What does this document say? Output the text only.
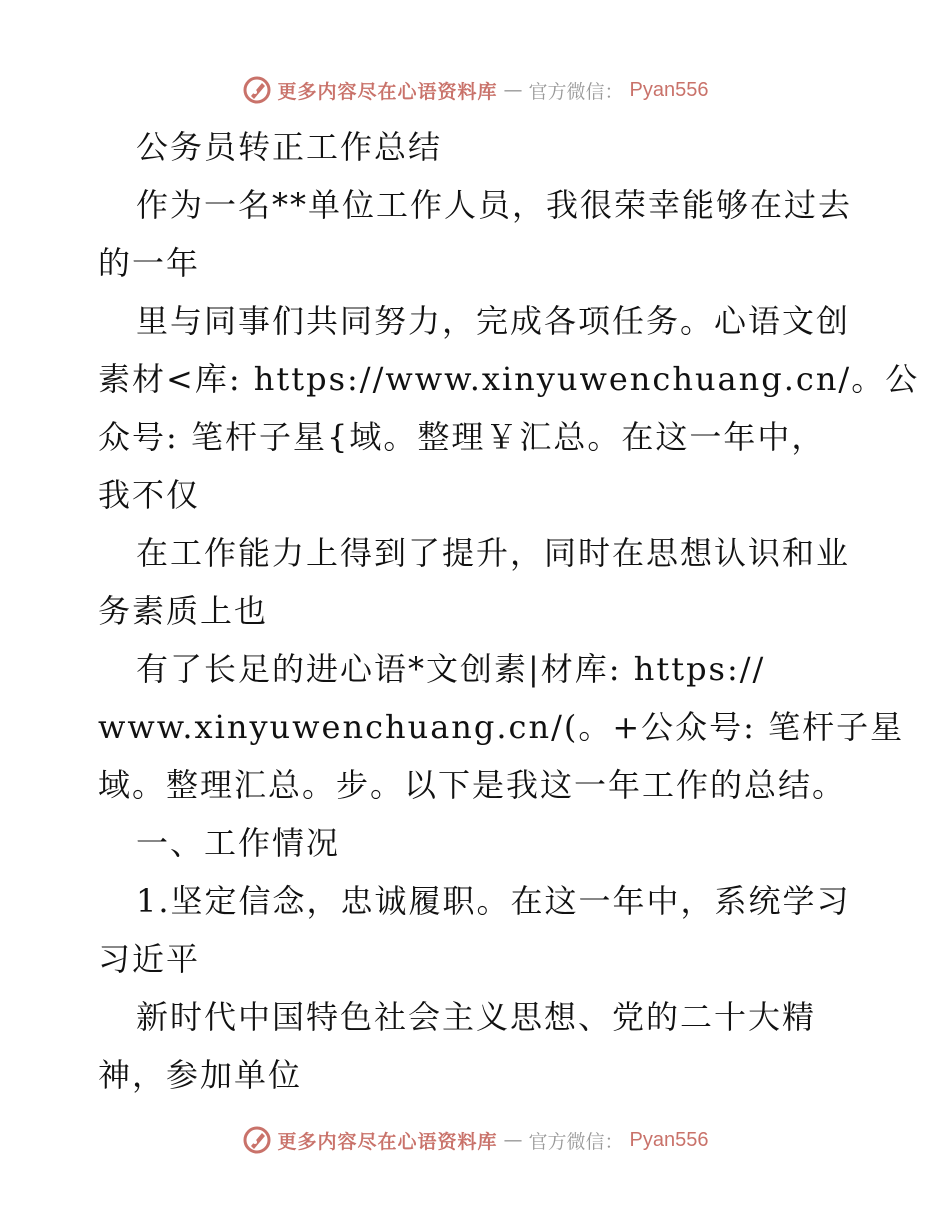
更多内容尽在心语资料库 — 官方微信： Pyan556
公务员转正工作总结
作为一名**单位工作人员，我很荣幸能够在过去
的一年
里与同事们共同努力，完成各项任务。心语文创
素材<库: https://www.xinyuwenchuang.cn/。公
众号: 笔杆子星{域。整理￥汇总。在这一年中，
我不仅
在工作能力上得到了提升，同时在思想认识和业
务素质上也
有了长足的进心语*文创素|材库: https://
www.xinyuwenchuang.cn/(。+公众号: 笔杆子星
域。整理汇总。步。以下是我这一年工作的总结。
一、工作情况
1.坚定信念，忠诚履职。在这一年中，系统学习
习近平
新时代中国特色社会主义思想、党的二十大精
神，参加单位
更多内容尽在心语资料库 — 官方微信： Pyan556
